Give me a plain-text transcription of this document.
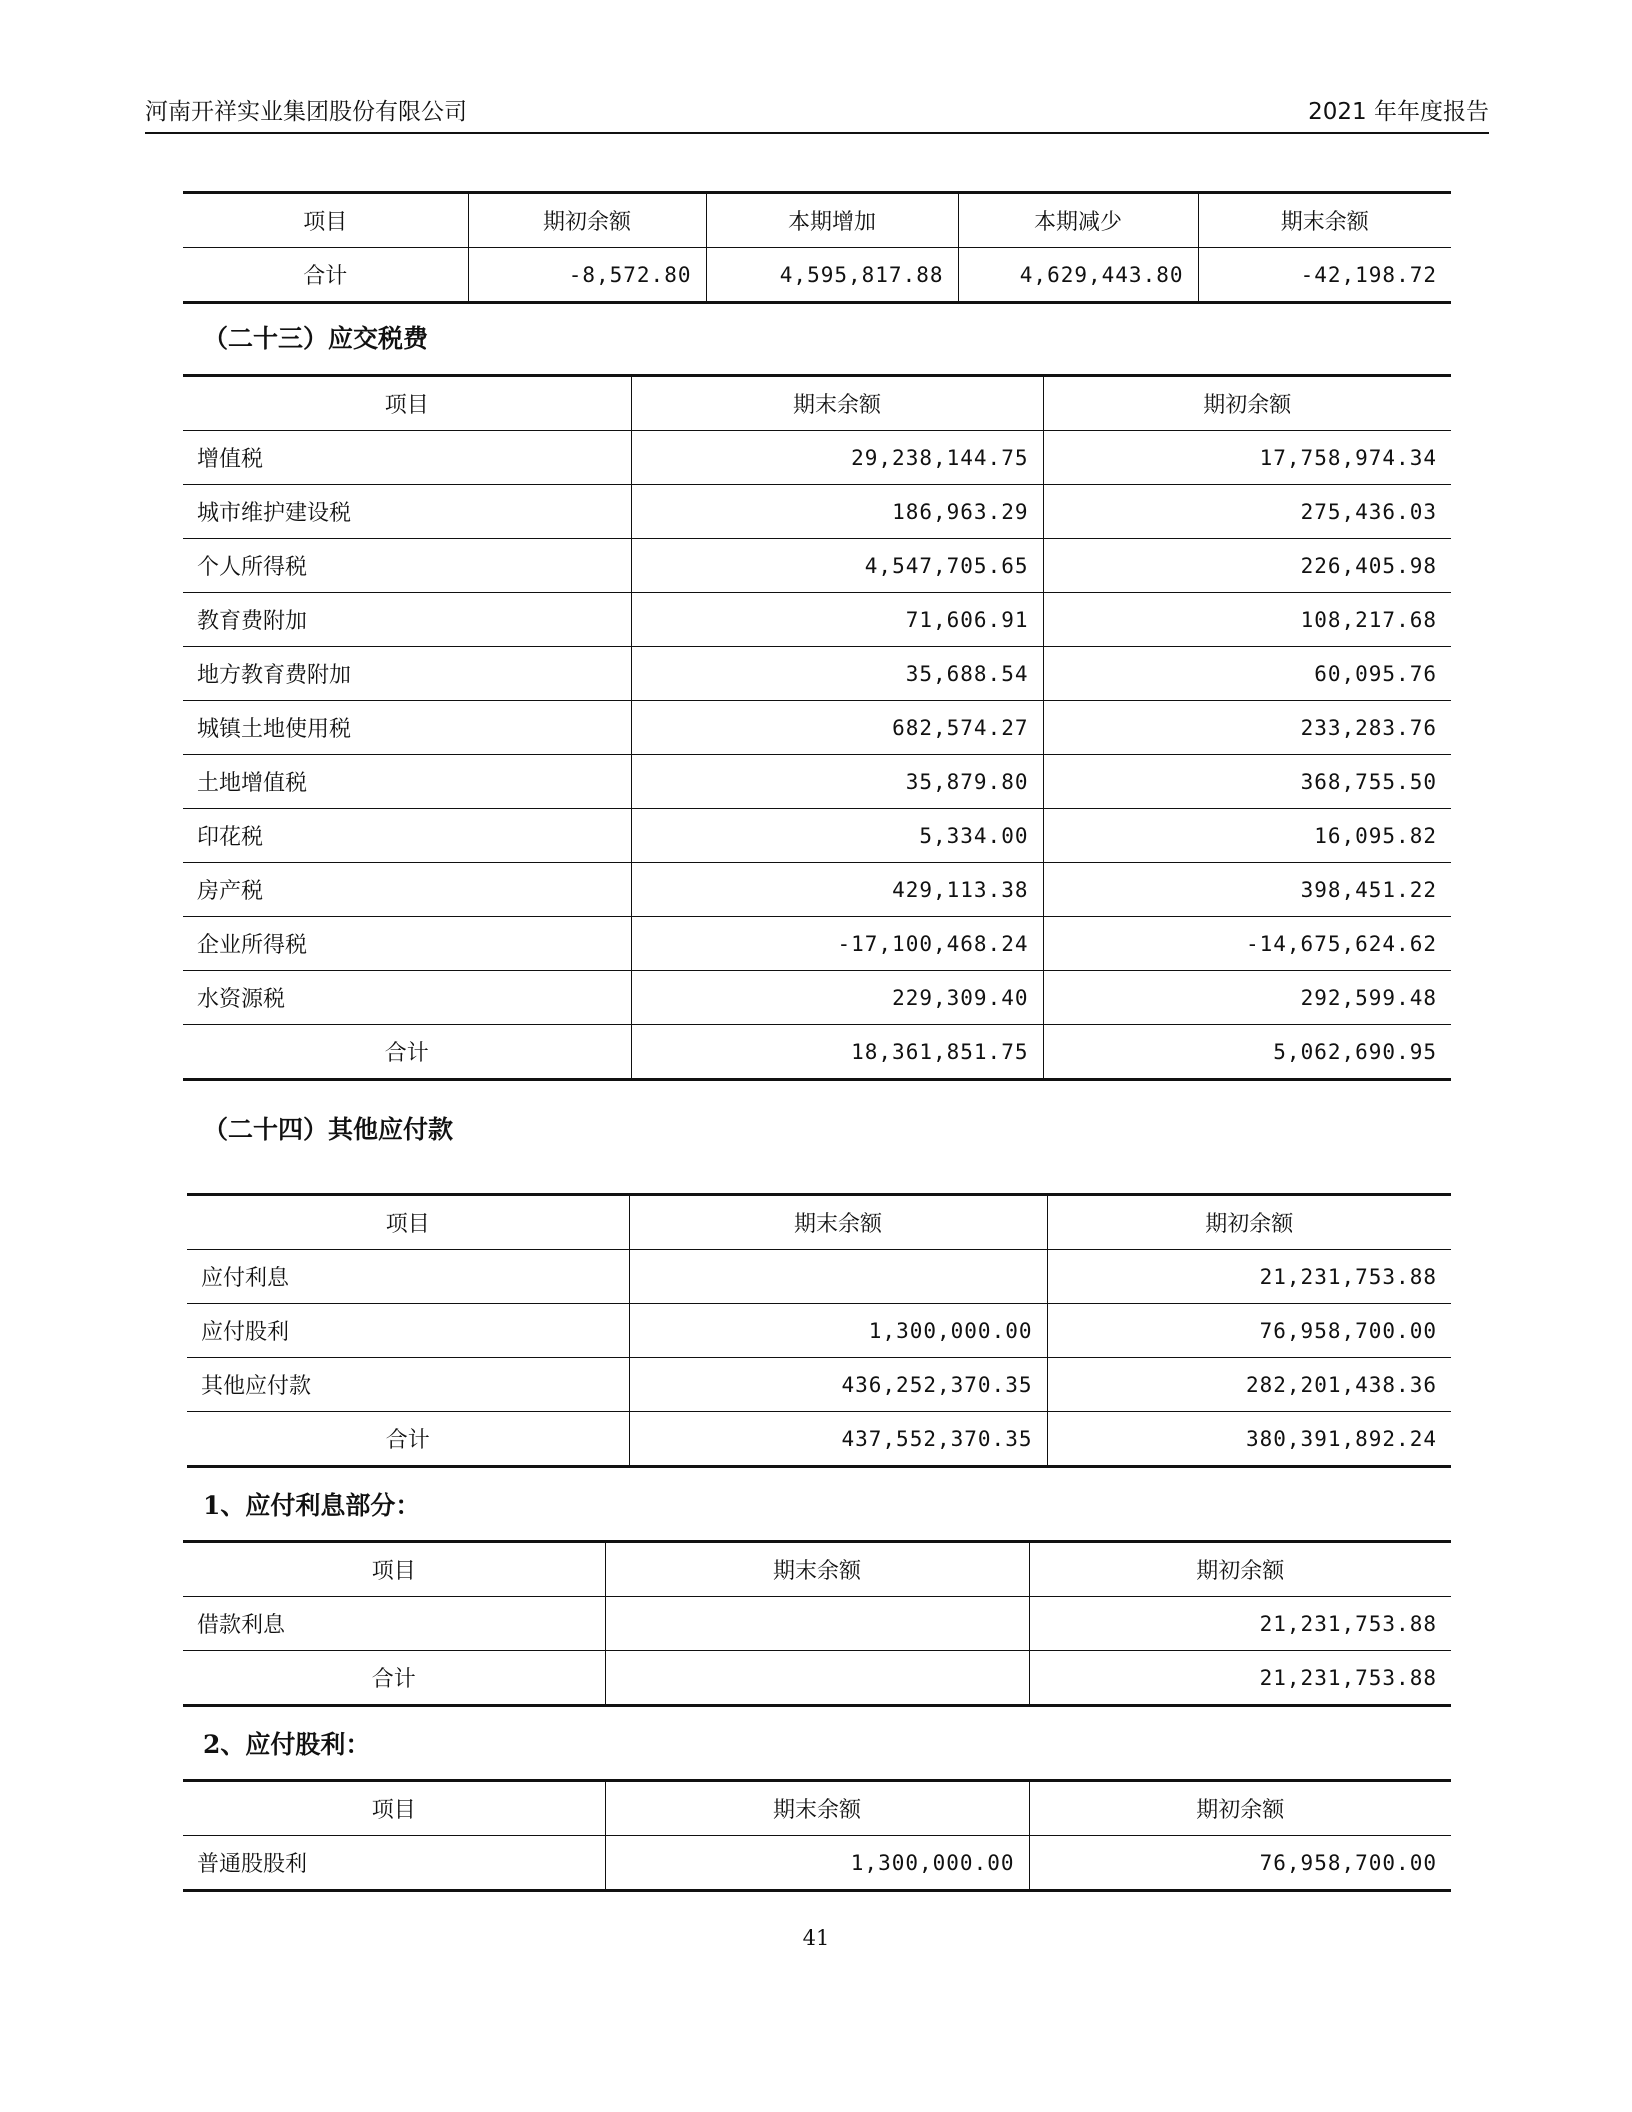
河南开祥实业集团股份有限公司	2021 年年度报告
项目	期初余额	本期增加	本期减少	期末余额
合计	-8,572.80	4,595,817.88	4,629,443.80	-42,198.72
（二十三）应交税费
项目	期末余额	期初余额
增值税	29,238,144.75	17,758,974.34
城市维护建设税	186,963.29	275,436.03
个人所得税	4,547,705.65	226,405.98
教育费附加	71,606.91	108,217.68
地方教育费附加	35,688.54	60,095.76
城镇土地使用税	682,574.27	233,283.76
土地增值税	35,879.80	368,755.50
印花税	5,334.00	16,095.82
房产税	429,113.38	398,451.22
企业所得税	-17,100,468.24	-14,675,624.62
水资源税	229,309.40	292,599.48
合计	18,361,851.75	5,062,690.95
（二十四）其他应付款
项目	期末余额	期初余额
应付利息		21,231,753.88
应付股利	1,300,000.00	76,958,700.00
其他应付款	436,252,370.35	282,201,438.36
合计	437,552,370.35	380,391,892.24
1、应付利息部分：
项目	期末余额	期初余额
借款利息		21,231,753.88
合计		21,231,753.88
2、应付股利：
项目	期末余额	期初余额
普通股股利	1,300,000.00	76,958,700.00
41
